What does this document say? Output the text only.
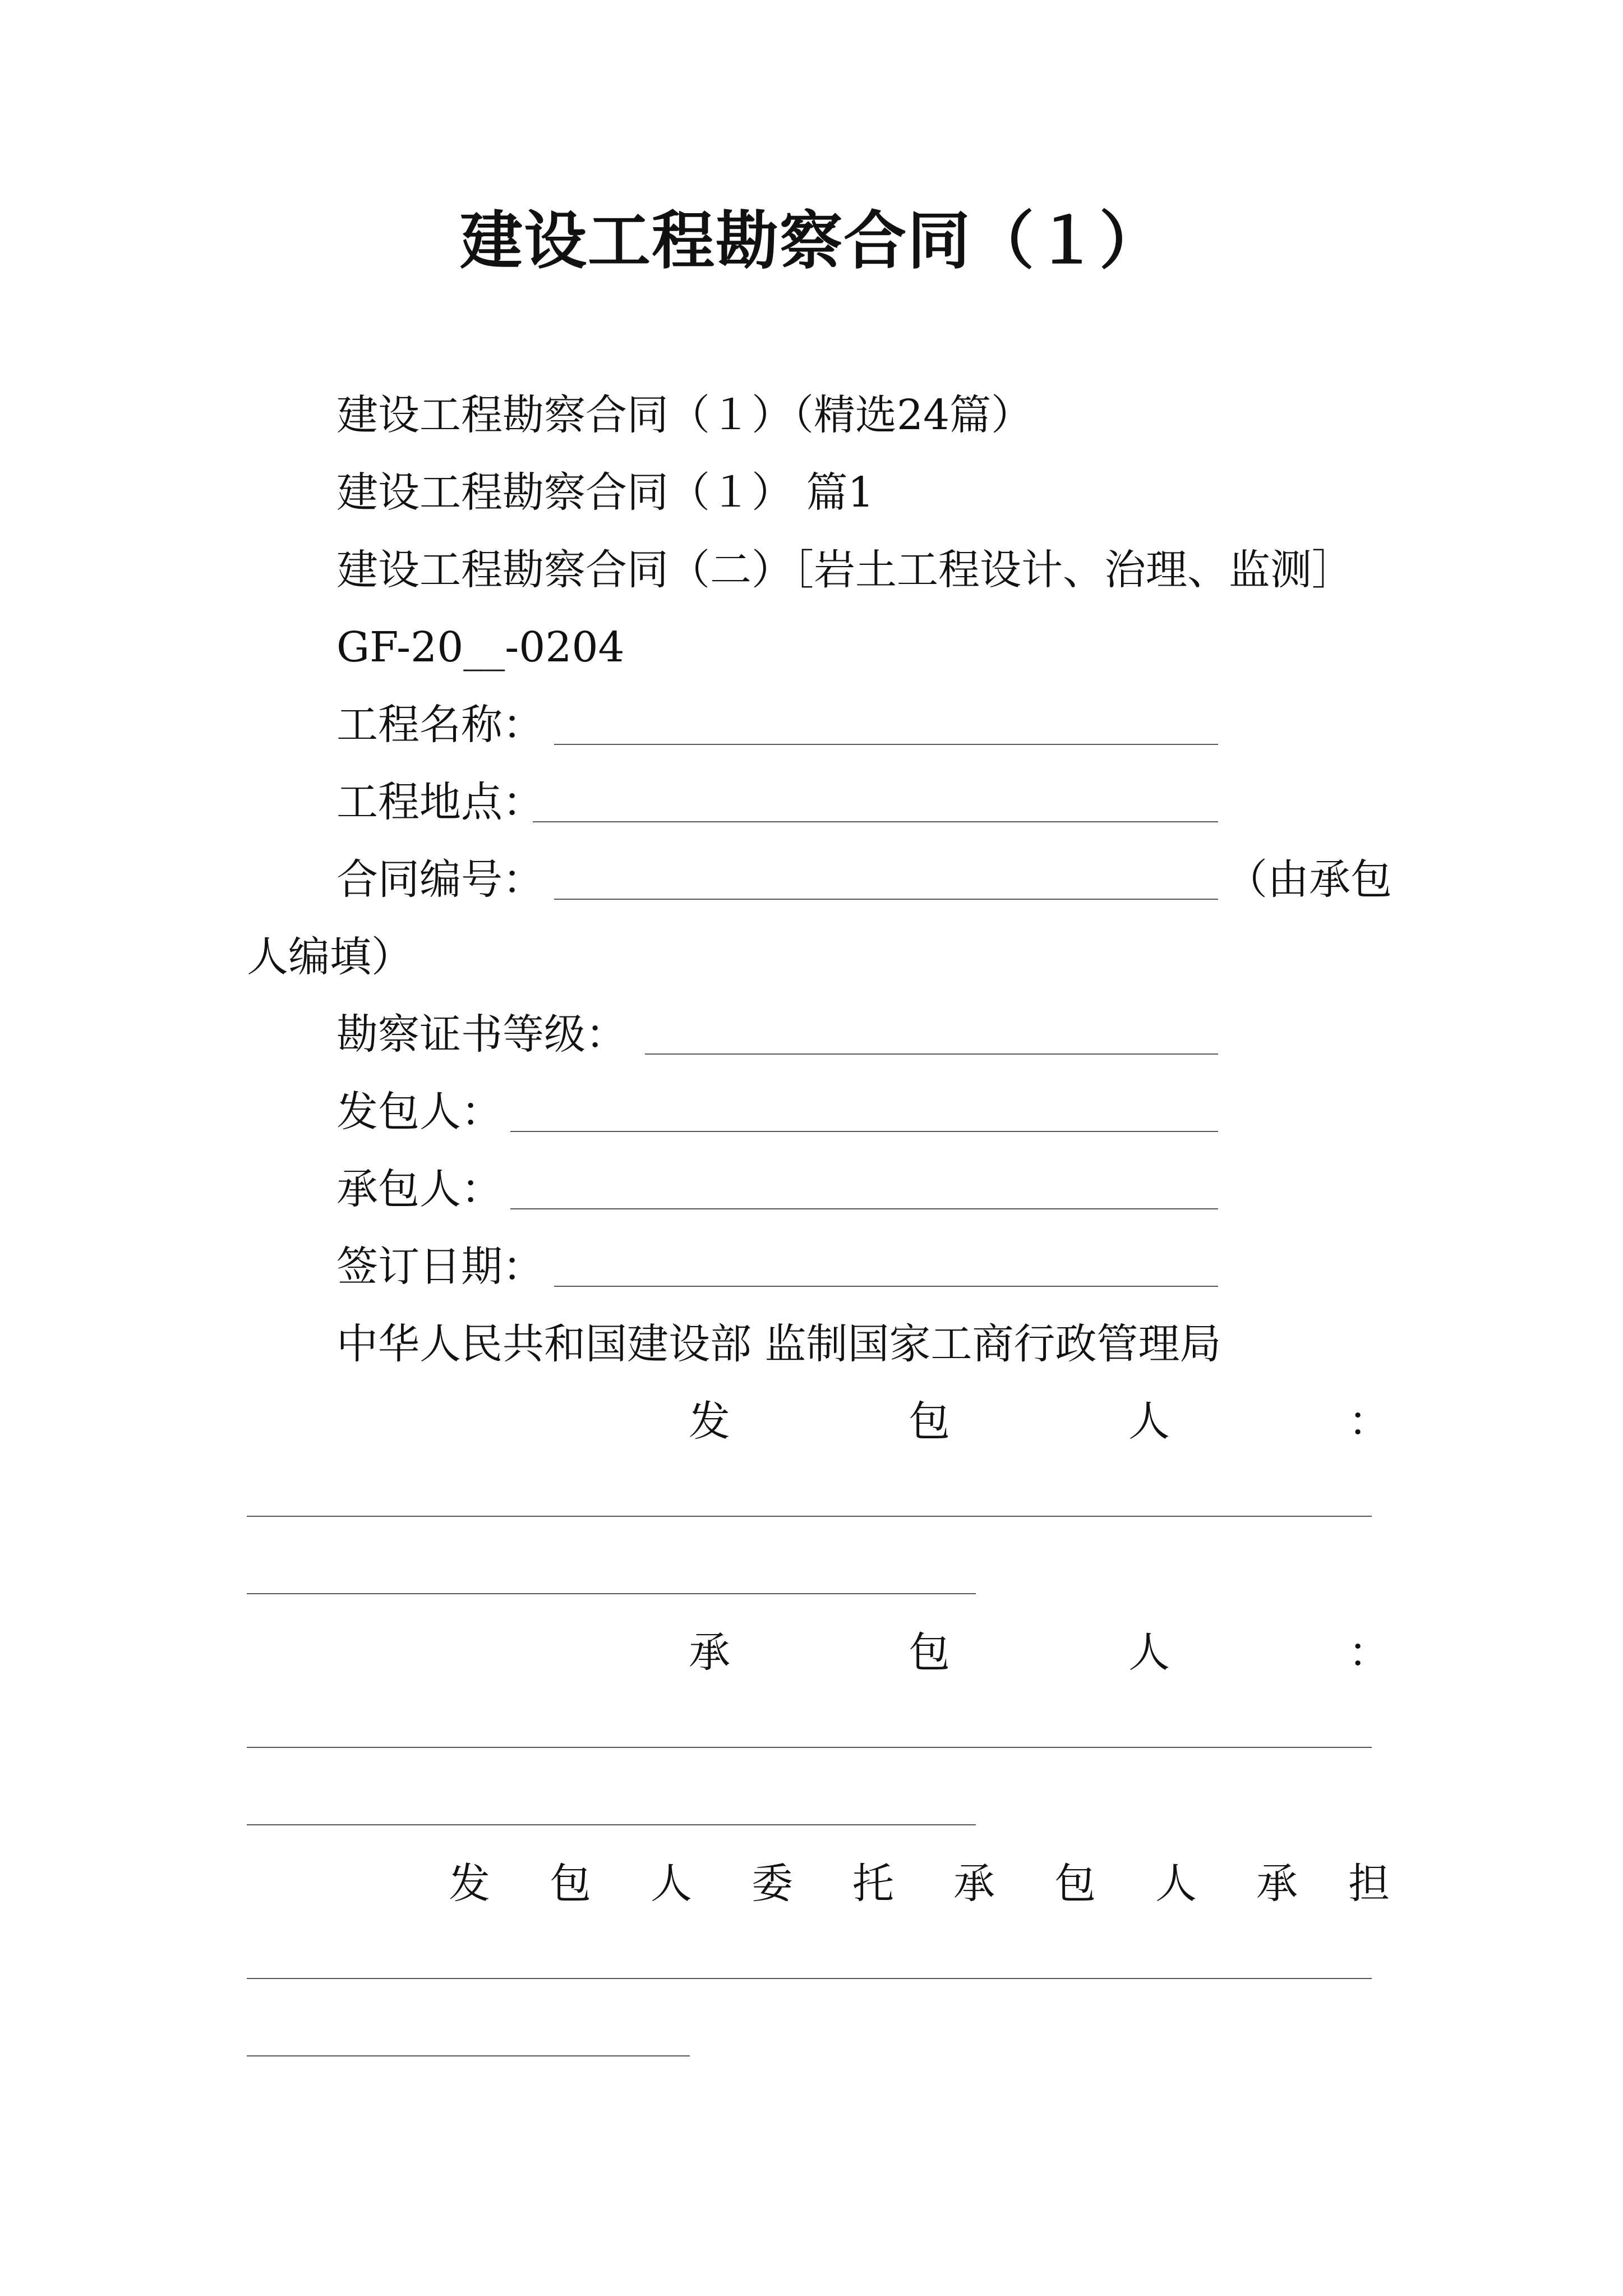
建设工程勘察合同（１）
建设工程勘察合同（１）（精选24篇）
建设工程勘察合同（１） 篇1
建设工程勘察合同（二）［岩土工程设计、治理、监测］
GF-20__-0204
工程名称：
工程地点：
合同编号：	（由承包
人编填）
勘察证书等级：
发包人：
承包人：
签订日期：
中华人民共和国建设部 监制国家工商行政管理局
发	包	人	：
承	包	人	：
发 包 人 委 托 承 包 人 承 担
